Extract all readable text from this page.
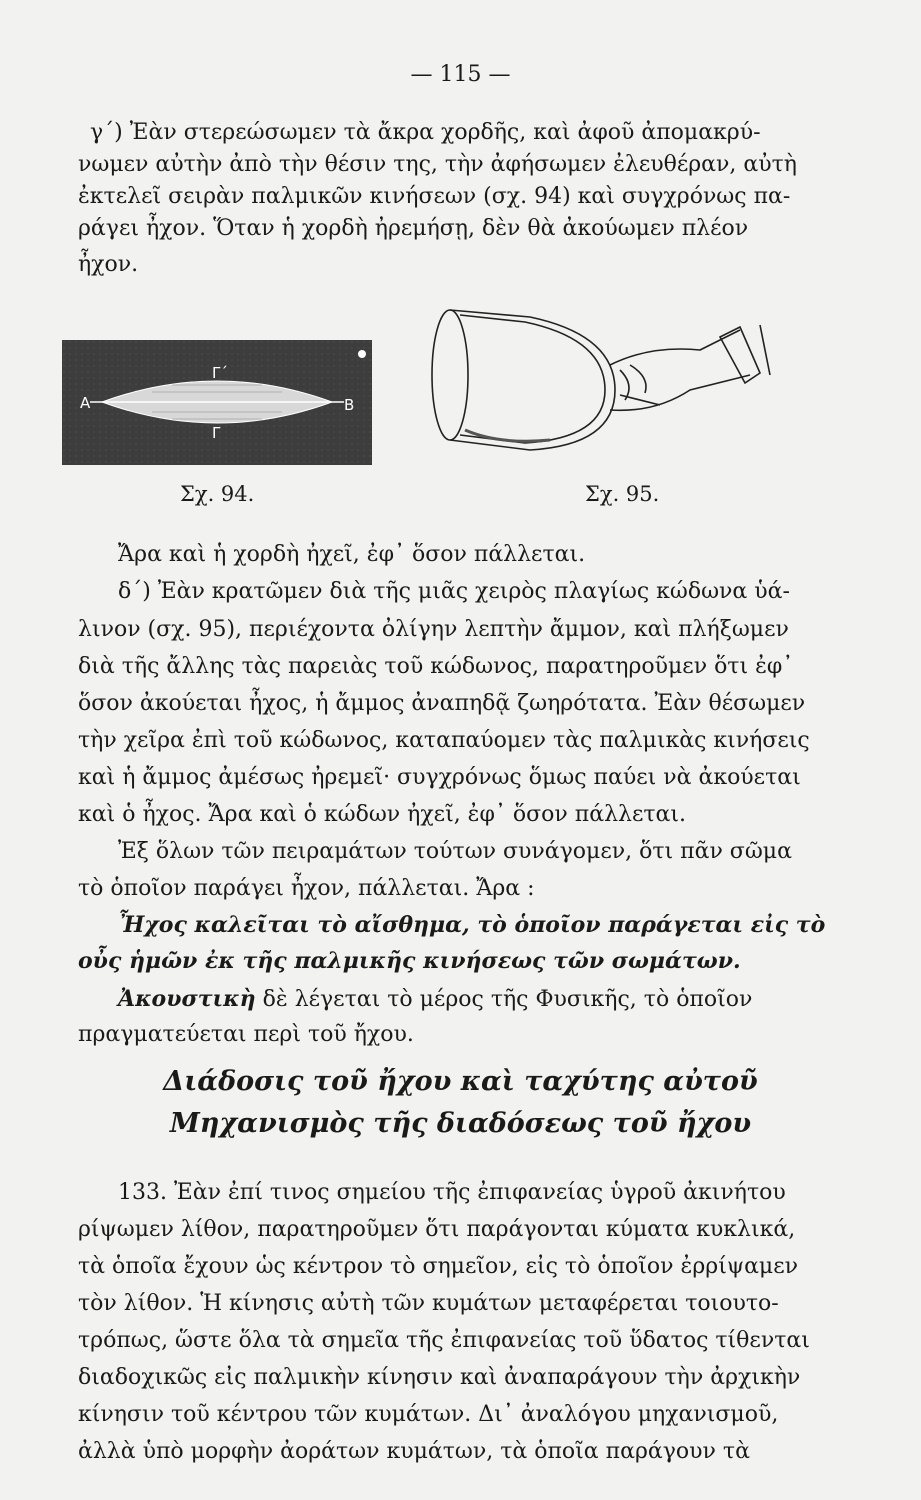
— 115 —
γ΄) Ἐὰν στερεώσωμεν τὰ ἄκρα χορδῆς, καὶ ἀφοῦ ἀπομακρύ-
νωμεν αὐτὴν ἀπὸ τὴν θέσιν της, τὴν ἀφήσωμεν ἐλευθέραν, αὐτὴ
ἐκτελεῖ σειρὰν παλμικῶν κινήσεων (σχ. 94) καὶ συγχρόνως πα-
ράγει ἦχον. Ὅταν ἡ χορδὴ ἠρεμήσῃ, δὲν θὰ ἀκούωμεν πλέον
ἦχον.
Α	Β
Γ΄
Γ
Σχ. 94.	Σχ. 95.
Ἄρα καὶ ἡ χορδὴ ἠχεῖ, ἐφ᾽ ὅσον πάλλεται.
δ΄) Ἐὰν κρατῶμεν διὰ τῆς μιᾶς χειρὸς πλαγίως κώδωνα ὑά-
λινον (σχ. 95), περιέχοντα ὀλίγην λεπτὴν ἄμμον, καὶ πλήξωμεν
διὰ τῆς ἄλλης τὰς παρειὰς τοῦ κώδωνος, παρατηροῦμεν ὅτι ἐφ᾽
ὅσον ἀκούεται ἦχος, ἡ ἄμμος ἀναπηδᾷ ζωηρότατα. Ἐὰν θέσωμεν
τὴν χεῖρα ἐπὶ τοῦ κώδωνος, καταπαύομεν τὰς παλμικὰς κινήσεις
καὶ ἡ ἄμμος ἀμέσως ἠρεμεῖ· συγχρόνως ὅμως παύει νὰ ἀκούεται
καὶ ὁ ἦχος. Ἄρα καὶ ὁ κώδων ἠχεῖ, ἐφ᾽ ὅσον πάλλεται.
Ἐξ ὅλων τῶν πειραμάτων τούτων συνάγομεν, ὅτι πᾶν σῶμα
τὸ ὁποῖον παράγει ἦχον, πάλλεται. Ἄρα :
Ἦχος καλεῖται τὸ αἴσθημα, τὸ ὁποῖον παράγεται εἰς τὸ
οὖς ἡμῶν ἐκ τῆς παλμικῆς κινήσεως τῶν σωμάτων.
Ἀκουστικὴ δὲ λέγεται τὸ μέρος τῆς Φυσικῆς, τὸ ὁποῖον
πραγματεύεται περὶ τοῦ ἤχου.
Διάδοσις τοῦ ἤχου καὶ ταχύτης αὐτοῦ
Μηχανισμὸς τῆς διαδόσεως τοῦ ἤχου
133. Ἐὰν ἐπί τινος σημείου τῆς ἐπιφανείας ὑγροῦ ἀκινήτου
ρίψωμεν λίθον, παρατηροῦμεν ὅτι παράγονται κύματα κυκλικά,
τὰ ὁποῖα ἔχουν ὡς κέντρον τὸ σημεῖον, εἰς τὸ ὁποῖον ἐρρίψαμεν
τὸν λίθον. Ἡ κίνησις αὐτὴ τῶν κυμάτων μεταφέρεται τοιουτο-
τρόπως, ὥστε ὅλα τὰ σημεῖα τῆς ἐπιφανείας τοῦ ὕδατος τίθενται
διαδοχικῶς εἰς παλμικὴν κίνησιν καὶ ἀναπαράγουν τὴν ἀρχικὴν
κίνησιν τοῦ κέντρου τῶν κυμάτων. Δι᾽ ἀναλόγου μηχανισμοῦ,
ἀλλὰ ὑπὸ μορφὴν ἀοράτων κυμάτων, τὰ ὁποῖα παράγουν τὰ
